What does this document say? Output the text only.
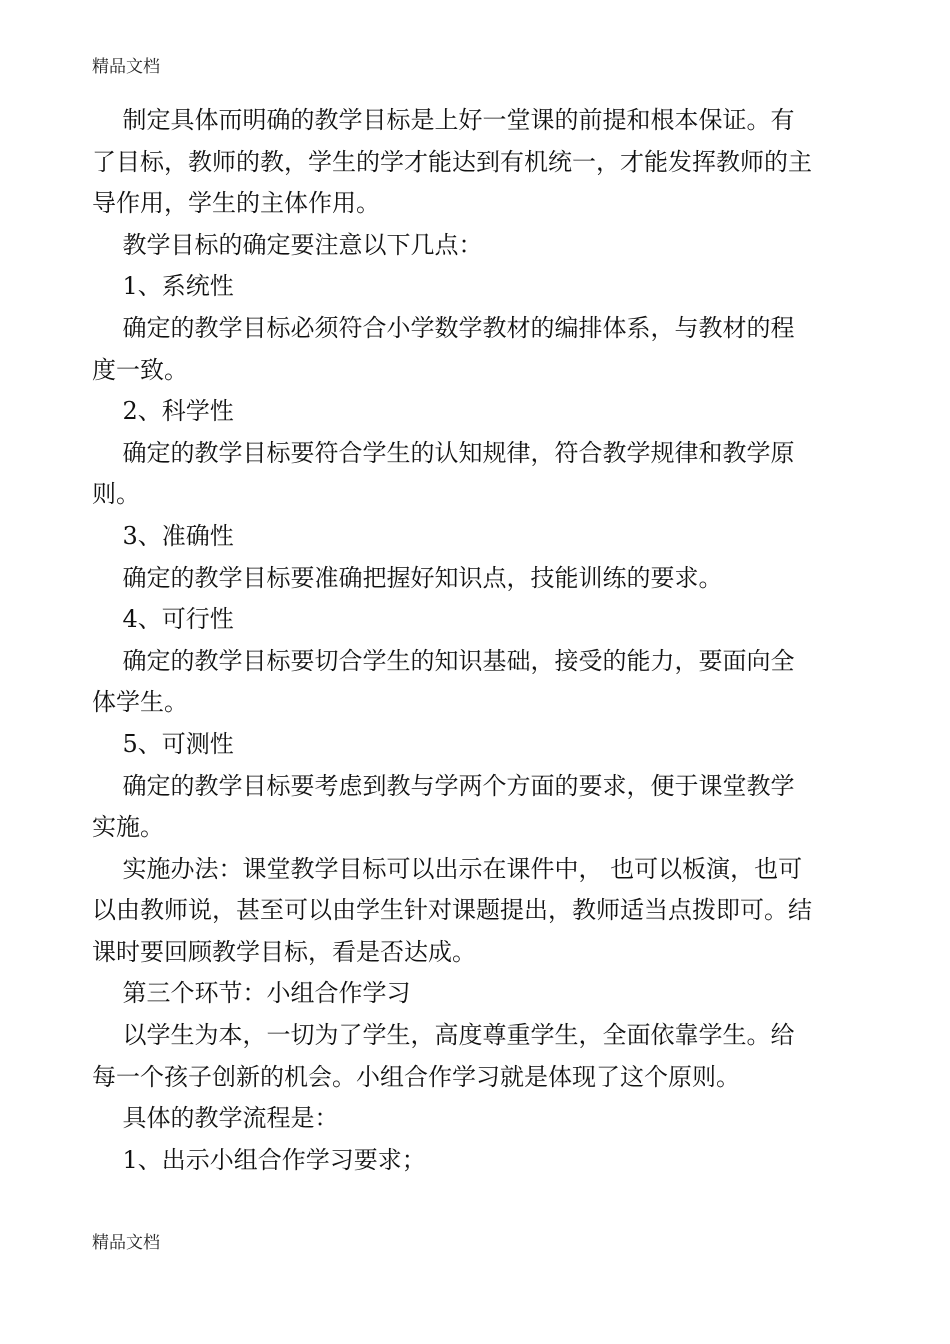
精品文档
制定具体而明确的教学目标是上好一堂课的前提和根本保证。有
了目标，教师的教，学生的学才能达到有机统一，才能发挥教师的主
导作用，学生的主体作用。
教学目标的确定要注意以下几点：
1、系统性
确定的教学目标必须符合小学数学教材的编排体系，与教材的程
度一致。
2、科学性
确定的教学目标要符合学生的认知规律，符合教学规律和教学原
则。
3、准确性
确定的教学目标要准确把握好知识点，技能训练的要求。
4、可行性
确定的教学目标要切合学生的知识基础，接受的能力，要面向全
体学生。
5、可测性
确定的教学目标要考虑到教与学两个方面的要求，便于课堂教学
实施。
实施办法：课堂教学目标可以出示在课件中， 也可以板演，也可
以由教师说，甚至可以由学生针对课题提出，教师适当点拨即可。结
课时要回顾教学目标，看是否达成。
第三个环节：小组合作学习
以学生为本，一切为了学生，高度尊重学生，全面依靠学生。给
每一个孩子创新的机会。小组合作学习就是体现了这个原则。
具体的教学流程是：
1、出示小组合作学习要求；
精品文档
